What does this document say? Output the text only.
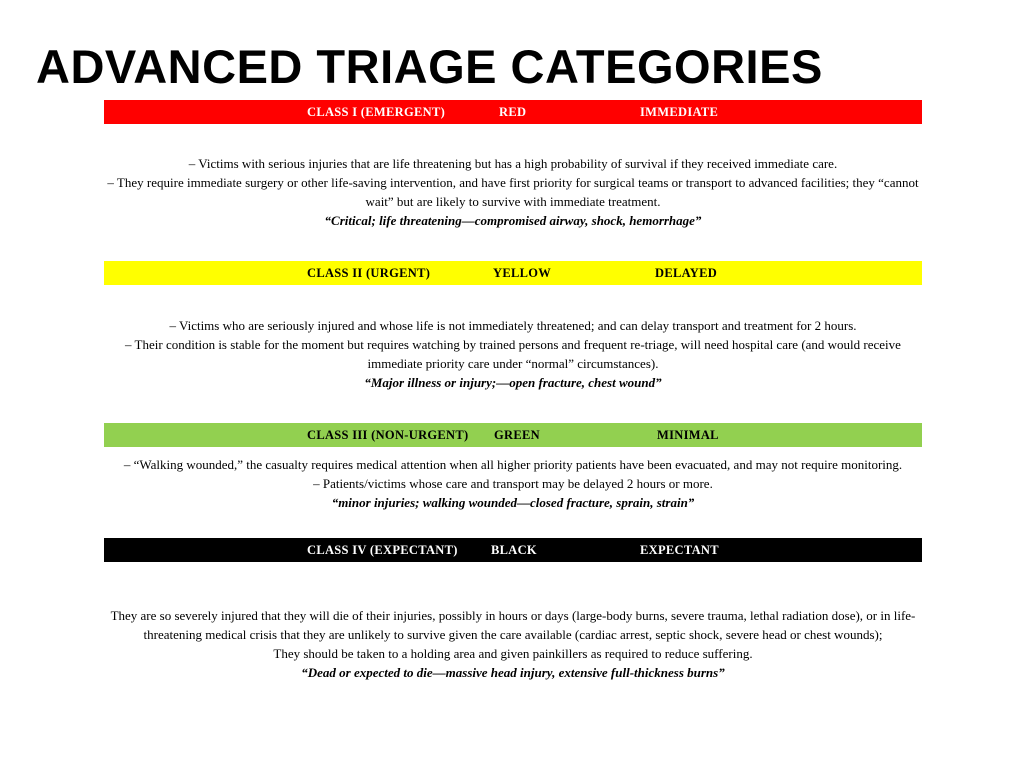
ADVANCED TRIAGE CATEGORIES
CLASS I (EMERGENT)	RED	IMMEDIATE

– Victims with serious injuries that are life threatening but has a high probability of survival if they received immediate care.

– They require immediate surgery or other life-saving intervention, and have first priority for surgical teams or transport to advanced facilities; they “cannot wait” but are likely to survive with immediate treatment.

“Critical; life threatening—compromised airway, shock, hemorrhage”

CLASS II (URGENT)	YELLOW	DELAYED

– Victims who are seriously injured and whose life is not immediately threatened; and can delay transport and treatment for 2 hours.

– Their condition is stable for the moment but requires watching by trained persons and frequent re-triage, will need hospital care (and would receive immediate priority care under “normal” circumstances).

“Major illness or injury;—open fracture, chest wound”

CLASS III (NON-URGENT) GREEN	MINIMAL

– “Walking wounded,” the casualty requires medical attention when all higher priority patients have been evacuated, and may not require monitoring.

– Patients/victims whose care and transport may be delayed 2 hours or more.

“minor injuries; walking wounded—closed fracture, sprain, strain”

CLASS IV (EXPECTANT)	BLACK	EXPECTANT

They are so severely injured that they will die of their injuries, possibly in hours or days (large-body burns, severe trauma, lethal radiation dose), or in life-threatening medical crisis that they are unlikely to survive given the care available (cardiac arrest, septic shock, severe head or chest wounds);

They should be taken to a holding area and given painkillers as required to reduce suffering.

“Dead or expected to die—massive head injury, extensive full-thickness burns”
